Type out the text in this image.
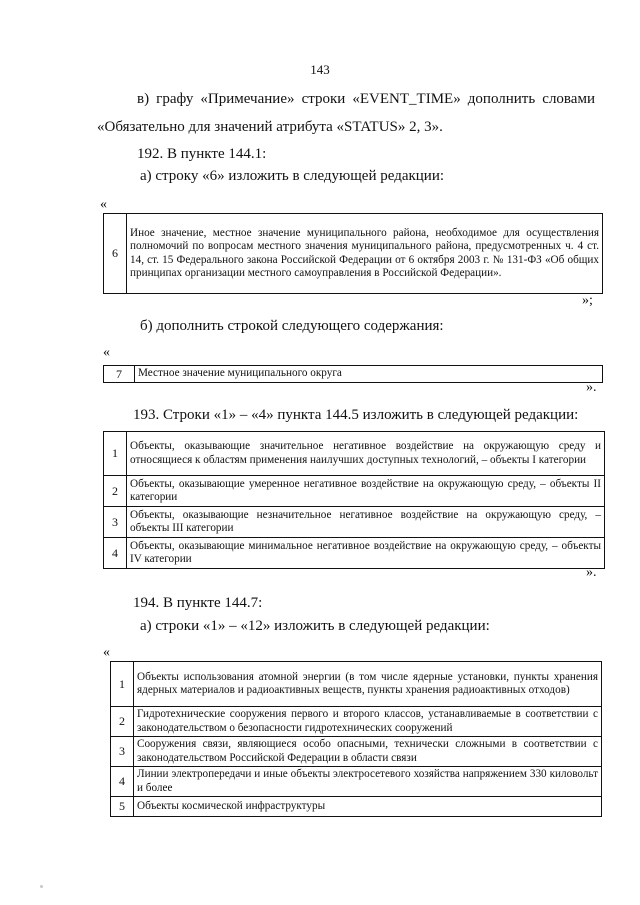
143
в) графу «Примечание» строки «EVENT_TIME» дополнить словами
«Обязательно для значений атрибута «STATUS» 2, 3».
192. В пункте 144.1:
а) строку «6» изложить в следующей редакции:
«
6	Иное значение, местное значение муниципального района, необходимое для осуществления полномочий по вопросам местного значения муниципального района, предусмотренных ч. 4 ст. 14, ст. 15 Федерального закона Российской Федерации от 6 октября 2003 г. № 131-ФЗ «Об общих принципах организации местного самоуправления в Российской Федерации».
»;
б) дополнить строкой следующего содержания:
«
7	Местное значение муниципального округа
».
193. Строки «1» – «4» пункта 144.5 изложить в следующей редакции:
1	Объекты, оказывающие значительное негативное воздействие на окружающую среду и относящиеся к областям применения наилучших доступных технологий, – объекты I категории
2	Объекты, оказывающие умеренное негативное воздействие на окружающую среду, – объекты II категории
3	Объекты, оказывающие незначительное негативное воздействие на окружающую среду, – объекты III категории
4	Объекты, оказывающие минимальное негативное воздействие на окружающую среду, – объекты IV категории
».
194. В пункте 144.7:
а) строки «1» – «12» изложить в следующей редакции:
«
1	Объекты использования атомной энергии (в том числе ядерные установки, пункты хранения ядерных материалов и радиоактивных веществ, пункты хранения радиоактивных отходов)
2	Гидротехнические сооружения первого и второго классов, устанавливаемые в соответствии с законодательством о безопасности гидротехнических сооружений
3	Сооружения связи, являющиеся особо опасными, технически сложными в соответствии с законодательством Российской Федерации в области связи
4	Линии электропередачи и иные объекты электросетевого хозяйства напряжением 330 киловольт и более
5	Объекты космической инфраструктуры
